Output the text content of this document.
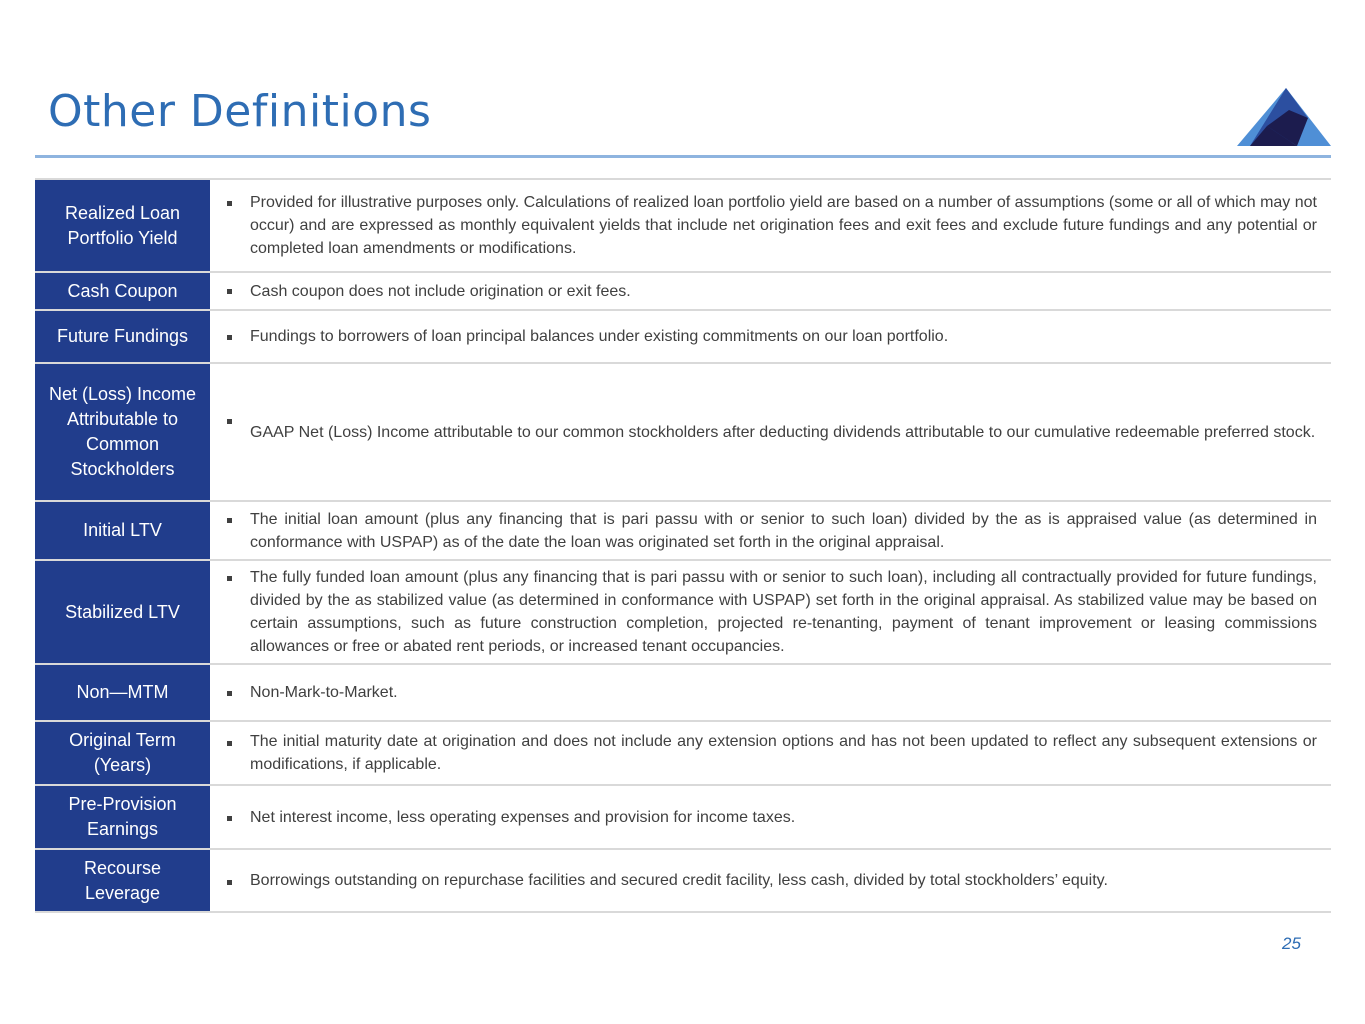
Other Definitions
Realized Loan Portfolio Yield	Provided for illustrative purposes only. Calculations of realized loan portfolio yield are based on a number of assumptions (some or all of which may not occur) and are expressed as monthly equivalent yields that include net origination fees and exit fees and exclude future fundings and any potential or completed loan amendments or modifications.
Cash Coupon	Cash coupon does not include origination or exit fees.
Future Fundings	Fundings to borrowers of loan principal balances under existing commitments on our loan portfolio.
Net (Loss) Income Attributable to Common Stockholders	GAAP Net (Loss) Income attributable to our common stockholders after deducting dividends attributable to our cumulative redeemable preferred stock.
Initial LTV	The initial loan amount (plus any financing that is pari passu with or senior to such loan) divided by the as is appraised value (as determined in conformance with USPAP) as of the date the loan was originated set forth in the original appraisal.
Stabilized LTV	The fully funded loan amount (plus any financing that is pari passu with or senior to such loan), including all contractually provided for future fundings, divided by the as stabilized value (as determined in conformance with USPAP) set forth in the original appraisal. As stabilized value may be based on certain assumptions, such as future construction completion, projected re-tenanting, payment of tenant improvement or leasing commissions allowances or free or abated rent periods, or increased tenant occupancies.
Non—MTM	Non-Mark-to-Market.
Original Term (Years)	The initial maturity date at origination and does not include any extension options and has not been updated to reflect any subsequent extensions or modifications, if applicable.
Pre-Provision Earnings	Net interest income, less operating expenses and provision for income taxes.
Recourse Leverage	Borrowings outstanding on repurchase facilities and secured credit facility, less cash, divided by total stockholders’ equity.
25
